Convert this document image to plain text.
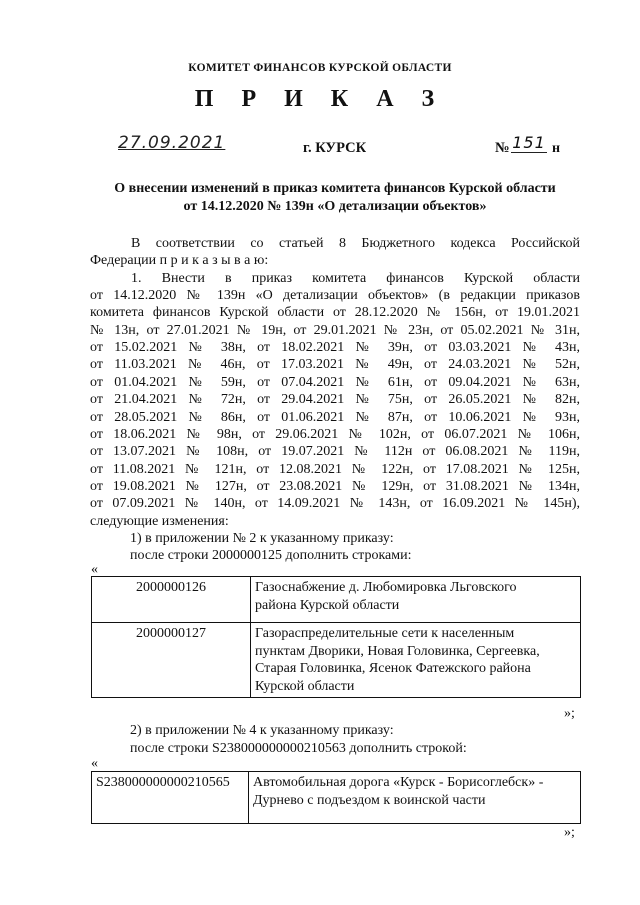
КОМИТЕТ ФИНАНСОВ КУРСКОЙ ОБЛАСТИ
П Р И К А З
27.09.2021	г. КУРСК	№ 151 н
О внесении изменений в приказ комитета финансов Курской области
от 14.12.2020 № 139н «О детализации объектов»
В соответствии со статьей 8 Бюджетного кодекса Российской
Федерации п р и к а з ы в а ю:
1. Внести в приказ комитета финансов Курской области
от 14.12.2020 № 139н «О детализации объектов» (в редакции приказов
комитета финансов Курской области от 28.12.2020 № 156н, от 19.01.2021
№ 13н, от 27.01.2021 № 19н, от 29.01.2021 № 23н, от 05.02.2021 № 31н,
от 15.02.2021 № 38н, от 18.02.2021 № 39н, от 03.03.2021 № 43н,
от 11.03.2021 № 46н, от 17.03.2021 № 49н, от 24.03.2021 № 52н,
от 01.04.2021 № 59н, от 07.04.2021 № 61н, от 09.04.2021 № 63н,
от 21.04.2021 № 72н, от 29.04.2021 № 75н, от 26.05.2021 № 82н,
от 28.05.2021 № 86н, от 01.06.2021 № 87н, от 10.06.2021 № 93н,
от 18.06.2021 № 98н, от 29.06.2021 № 102н, от 06.07.2021 № 106н,
от 13.07.2021 № 108н, от 19.07.2021 № 112н от 06.08.2021 № 119н,
от 11.08.2021 № 121н, от 12.08.2021 № 122н, от 17.08.2021 № 125н,
от 19.08.2021 № 127н, от 23.08.2021 № 129н, от 31.08.2021 № 134н,
от 07.09.2021 № 140н, от 14.09.2021 № 143н, от 16.09.2021 № 145н),
следующие изменения:
1) в приложении № 2 к указанному приказу:
после строки 2000000125 дополнить строками:
«
2000000126	Газоснабжение д. Любомировка Льговского
района Курской области

2000000127	Газораспределительные сети к населенным
пунктам Дворики, Новая Головинка, Сергеевка,
Старая Головинка, Ясенок Фатежского района
Курской области
»;
2) в приложении № 4 к указанному приказу:
после строки S238000000000210563 дополнить строкой:
«
S238000000000210565	Автомобильная дорога «Курск - Борисоглебск» -
Дурнево с подъездом к воинской части
»;
